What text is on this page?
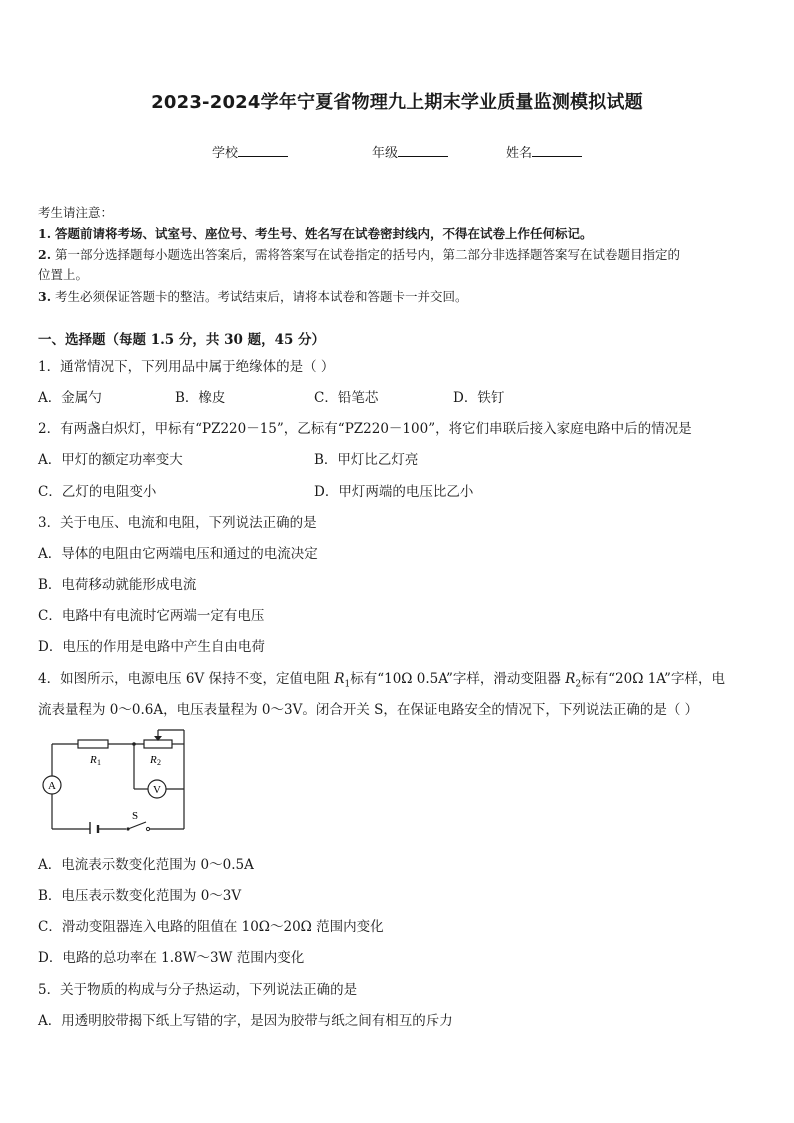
2023-2024学年宁夏省物理九上期末学业质量监测模拟试题
学校	年级	姓名
考生请注意：
1. 答题前请将考场、试室号、座位号、考生号、姓名写在试卷密封线内，不得在试卷上作任何标记。
2. 第一部分选择题每小题选出答案后，需将答案写在试卷指定的括号内，第二部分非选择题答案写在试卷题目指定的
位置上。
3. 考生必须保证答题卡的整洁。考试结束后，请将本试卷和答题卡一并交回。
一、选择题（每题 1.5 分，共 30 题，45 分）
1．通常情况下，下列用品中属于绝缘体的是（ ）
A．金属勺	B．橡皮	C．铅笔芯	D．铁钉
2．有两盏白炽灯，甲标有“PZ220－15”，乙标有“PZ220－100”，将它们串联后接入家庭电路中后的情况是
A．甲灯的额定功率变大	B．甲灯比乙灯亮
C．乙灯的电阻变小	D．甲灯两端的电压比乙小
3．关于电压、电流和电阻，下列说法正确的是
A．导体的电阻由它两端电压和通过的电流决定
B．电荷移动就能形成电流
C．电路中有电流时它两端一定有电压
D．电压的作用是电路中产生自由电荷
4．如图所示，电源电压 6V 保持不变，定值电阻 $R_1$标有“10Ω 0.5A”字样，滑动变阻器 $R_2$标有“20Ω 1A”字样，电
流表量程为 0～0.6A，电压表量程为 0～3V。闭合开关 S，在保证电路安全的情况下，下列说法正确的是（ ）
A	V
R 1	R 2
S
A．电流表示数变化范围为 0～0.5A
B．电压表示数变化范围为 0～3V
C．滑动变阻器连入电路的阻值在 10Ω～20Ω 范围内变化
D．电路的总功率在 1.8W～3W 范围内变化
5．关于物质的构成与分子热运动，下列说法正确的是
A．用透明胶带揭下纸上写错的字，是因为胶带与纸之间有相互的斥力
